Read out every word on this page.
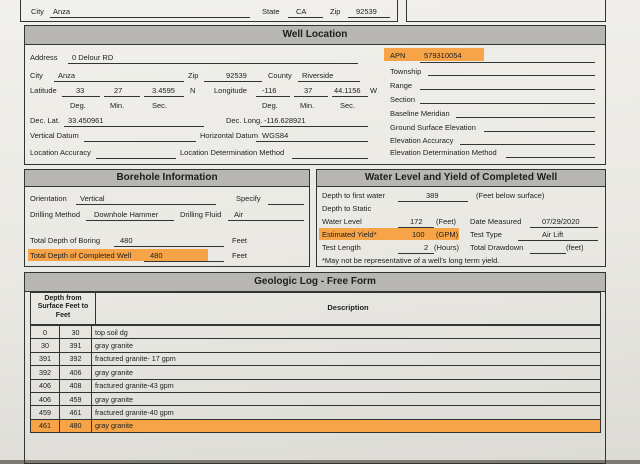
City Anza	State CA	Zip 92539
Well Location
Address 0 Delour RD	APN 579310054
City Anza	Zip	92539	County Riverside	Township
Latitude	33	27	3.4595 N Longitude -116	37	44.1156 W
Range
Deg.	Min.	Sec.	Deg.	Min.	Sec.
Section
Baseline Meridian
Dec. Lat. 33.450961	Dec. Long. -116.628921
Ground Surface Elevation
Vertical Datum	Horizontal Datum WGS84
Elevation Accuracy
Location Accuracy	Location Determination Method	Elevation Determination Method
Borehole Information
Orientation Vertical	Specify
Drilling Method Downhole Hammer	Drilling Fluid Air
Total Depth of Boring	480	Feet
Total Depth of Completed Well	480	Feet
Water Level and Yield of Completed Well
Depth to first water	389	(Feet below surface)
Depth to Static
Water Level	172 (Feet) Date Measured	07/29/2020
Estimated Yield*	100 (GPM) Test Type	Air Lift
Test Length	2 (Hours) Total Drawdown	(feet)
*May not be representative of a well's long term yield.
Geologic Log - Free Form
Depth from Surface Feet to Feet
Description
0	30	top soil dg
30	391	gray granite
391	392	fractured granite- 17 gpm
392	406	gray granite
406	408	fractured granite-43 gpm
406	459	gray granite
459	461	fractured granite-40 gpm
461	480	gray granite
